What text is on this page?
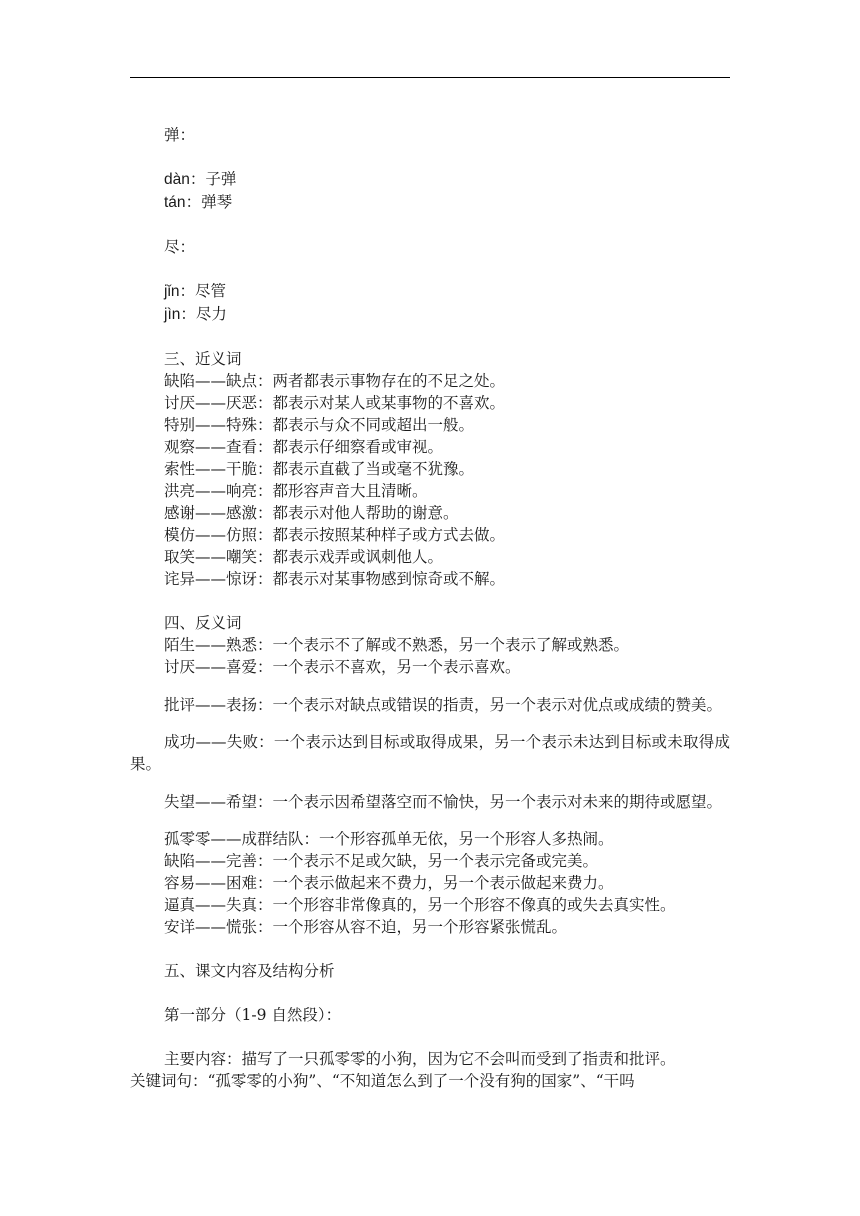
弹：

dàn：子弹

tán：弹琴

尽：

jǐn：尽管

jìn：尽力

三、近义词

缺陷——缺点：两者都表示事物存在的不足之处。

讨厌——厌恶：都表示对某人或某事物的不喜欢。

特别——特殊：都表示与众不同或超出一般。

观察——查看：都表示仔细察看或审视。

索性——干脆：都表示直截了当或毫不犹豫。

洪亮——响亮：都形容声音大且清晰。

感谢——感激：都表示对他人帮助的谢意。

模仿——仿照：都表示按照某种样子或方式去做。

取笑——嘲笑：都表示戏弄或讽刺他人。

诧异——惊讶：都表示对某事物感到惊奇或不解。

四、反义词

陌生——熟悉：一个表示不了解或不熟悉，另一个表示了解或熟悉。

讨厌——喜爱：一个表示不喜欢，另一个表示喜欢。

批评——表扬：一个表示对缺点或错误的指责，另一个表示对优点或成绩的赞美。

成功——失败：一个表示达到目标或取得成果，另一个表示未达到目标或未取得成果。

失望——希望：一个表示因希望落空而不愉快，另一个表示对未来的期待或愿望。

孤零零——成群结队：一个形容孤单无依，另一个形容人多热闹。

缺陷——完善：一个表示不足或欠缺，另一个表示完备或完美。

容易——困难：一个表示做起来不费力，另一个表示做起来费力。

逼真——失真：一个形容非常像真的，另一个形容不像真的或失去真实性。

安详——慌张：一个形容从容不迫，另一个形容紧张慌乱。

五、课文内容及结构分析

第一部分（1-9 自然段）：

主要内容：描写了一只孤零零的小狗，因为它不会叫而受到了指责和批评。

关键词句：“孤零零的小狗”、“不知道怎么到了一个没有狗的国家”、“干吗
